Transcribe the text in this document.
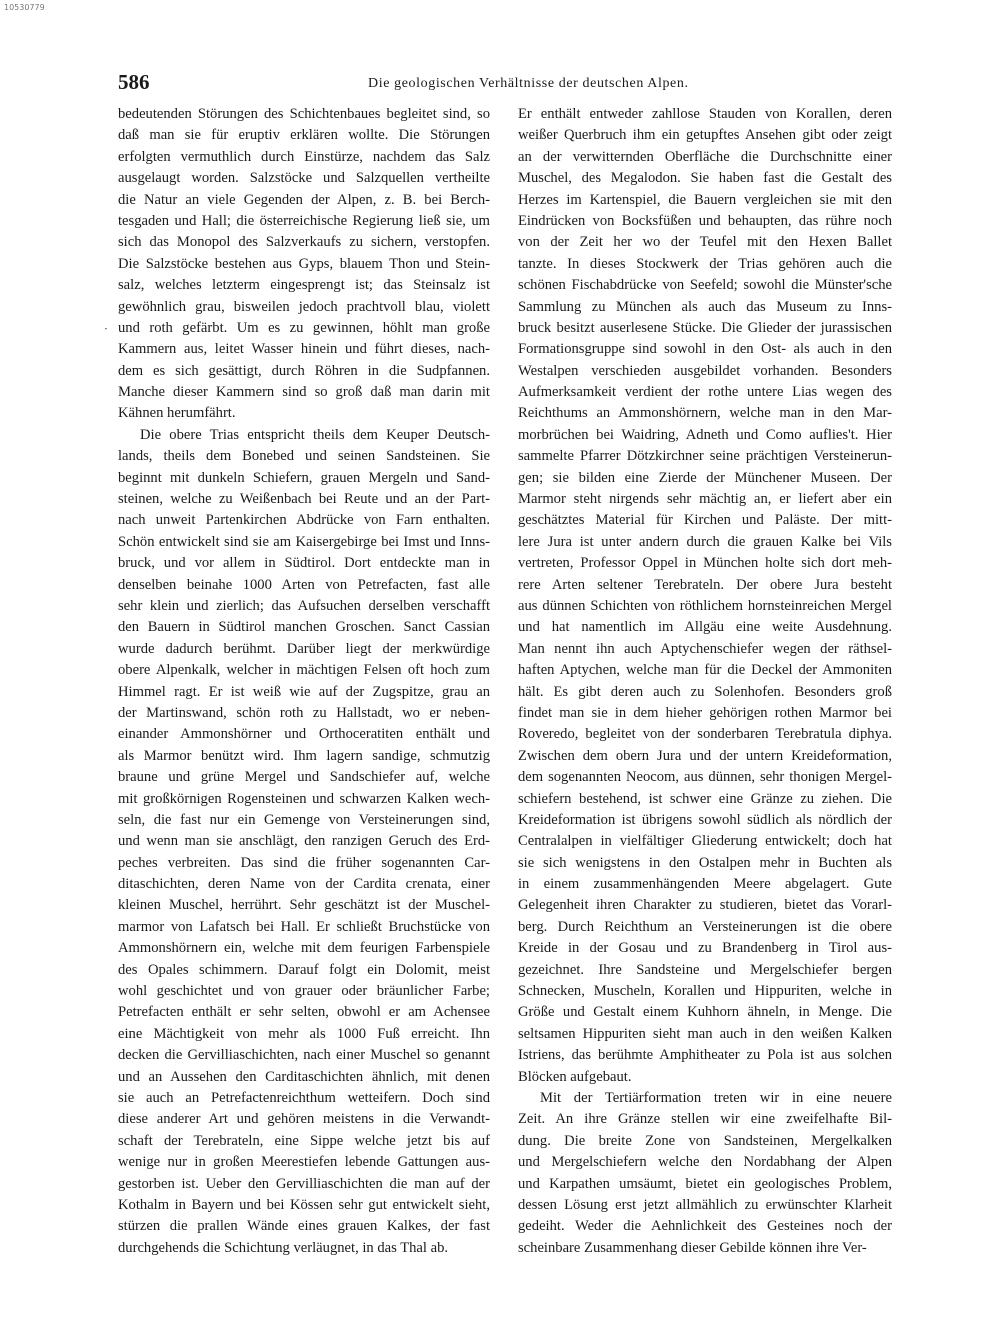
10530779
586	Die geologischen Verhältnisse der deutschen Alpen.
·
bedeutenden Störungen des Schichtenbaues begleitet sind, so
daß man sie für eruptiv erklären wollte. Die Störungen
erfolgten vermuthlich durch Einstürze, nachdem das Salz
ausgelaugt worden. Salzstöcke und Salzquellen vertheilte
die Natur an viele Gegenden der Alpen, z. B. bei Berch-
tesgaden und Hall; die österreichische Regierung ließ sie, um
sich das Monopol des Salzverkaufs zu sichern, verstopfen.
Die Salzstöcke bestehen aus Gyps, blauem Thon und Stein-
salz, welches letzterm eingesprengt ist; das Steinsalz ist
gewöhnlich grau, bisweilen jedoch prachtvoll blau, violett
und roth gefärbt. Um es zu gewinnen, höhlt man große
Kammern aus, leitet Wasser hinein und führt dieses, nach-
dem es sich gesättigt, durch Röhren in die Sudpfannen.
Manche dieser Kammern sind so groß daß man darin mit
Kähnen herumfährt.
Die obere Trias entspricht theils dem Keuper Deutsch-
lands, theils dem Bonebed und seinen Sandsteinen. Sie
beginnt mit dunkeln Schiefern, grauen Mergeln und Sand-
steinen, welche zu Weißenbach bei Reute und an der Part-
nach unweit Partenkirchen Abdrücke von Farn enthalten.
Schön entwickelt sind sie am Kaisergebirge bei Imst und Inns-
bruck, und vor allem in Südtirol. Dort entdeckte man in
denselben beinahe 1000 Arten von Petrefacten, fast alle
sehr klein und zierlich; das Aufsuchen derselben verschafft
den Bauern in Südtirol manchen Groschen. Sanct Cassian
wurde dadurch berühmt. Darüber liegt der merkwürdige
obere Alpenkalk, welcher in mächtigen Felsen oft hoch zum
Himmel ragt. Er ist weiß wie auf der Zugspitze, grau an
der Martinswand, schön roth zu Hallstadt, wo er neben-
einander Ammonshörner und Orthoceratiten enthält und
als Marmor benützt wird. Ihm lagern sandige, schmutzig
braune und grüne Mergel und Sandschiefer auf, welche
mit großkörnigen Rogensteinen und schwarzen Kalken wech-
seln, die fast nur ein Gemenge von Versteinerungen sind,
und wenn man sie anschlägt, den ranzigen Geruch des Erd-
peches verbreiten. Das sind die früher sogenannten Car-
ditaschichten, deren Name von der Cardita crenata, einer
kleinen Muschel, herrührt. Sehr geschätzt ist der Muschel-
marmor von Lafatsch bei Hall. Er schließt Bruchstücke von
Ammonshörnern ein, welche mit dem feurigen Farbenspiele
des Opales schimmern. Darauf folgt ein Dolomit, meist
wohl geschichtet und von grauer oder bräunlicher Farbe;
Petrefacten enthält er sehr selten, obwohl er am Achensee
eine Mächtigkeit von mehr als 1000 Fuß erreicht. Ihn
decken die Gervilliaschichten, nach einer Muschel so genannt
und an Aussehen den Carditaschichten ähnlich, mit denen
sie auch an Petrefactenreichthum wetteifern. Doch sind
diese anderer Art und gehören meistens in die Verwandt-
schaft der Terebrateln, eine Sippe welche jetzt bis auf
wenige nur in großen Meerestiefen lebende Gattungen aus-
gestorben ist. Ueber den Gervilliaschichten die man auf der
Kothalm in Bayern und bei Kössen sehr gut entwickelt sieht,
stürzen die prallen Wände eines grauen Kalkes, der fast
durchgehends die Schichtung verläugnet, in das Thal ab.
Er enthält entweder zahllose Stauden von Korallen, deren
weißer Querbruch ihm ein getupftes Ansehen gibt oder zeigt
an der verwitternden Oberfläche die Durchschnitte einer
Muschel, des Megalodon. Sie haben fast die Gestalt des
Herzes im Kartenspiel, die Bauern vergleichen sie mit den
Eindrücken von Bocksfüßen und behaupten, das rühre noch
von der Zeit her wo der Teufel mit den Hexen Ballet
tanzte. In dieses Stockwerk der Trias gehören auch die
schönen Fischabdrücke von Seefeld; sowohl die Münster'sche
Sammlung zu München als auch das Museum zu Inns-
bruck besitzt auserlesene Stücke. Die Glieder der jurassischen
Formationsgruppe sind sowohl in den Ost- als auch in den
Westalpen verschieden ausgebildet vorhanden. Besonders
Aufmerksamkeit verdient der rothe untere Lias wegen des
Reichthums an Ammonshörnern, welche man in den Mar-
morbrüchen bei Waidring, Adneth und Como auflies't. Hier
sammelte Pfarrer Dötzkirchner seine prächtigen Versteinerun-
gen; sie bilden eine Zierde der Münchener Museen. Der
Marmor steht nirgends sehr mächtig an, er liefert aber ein
geschätztes Material für Kirchen und Paläste. Der mitt-
lere Jura ist unter andern durch die grauen Kalke bei Vils
vertreten, Professor Oppel in München holte sich dort meh-
rere Arten seltener Terebrateln. Der obere Jura besteht
aus dünnen Schichten von röthlichem hornsteinreichen Mergel
und hat namentlich im Allgäu eine weite Ausdehnung.
Man nennt ihn auch Aptychenschiefer wegen der räthsel-
haften Aptychen, welche man für die Deckel der Ammoniten
hält. Es gibt deren auch zu Solenhofen. Besonders groß
findet man sie in dem hieher gehörigen rothen Marmor bei
Roveredo, begleitet von der sonderbaren Terebratula diphya.
Zwischen dem obern Jura und der untern Kreideformation,
dem sogenannten Neocom, aus dünnen, sehr thonigen Mergel-
schiefern bestehend, ist schwer eine Gränze zu ziehen. Die
Kreideformation ist übrigens sowohl südlich als nördlich der
Centralalpen in vielfältiger Gliederung entwickelt; doch hat
sie sich wenigstens in den Ostalpen mehr in Buchten als
in einem zusammenhängenden Meere abgelagert. Gute
Gelegenheit ihren Charakter zu studieren, bietet das Vorarl-
berg. Durch Reichthum an Versteinerungen ist die obere
Kreide in der Gosau und zu Brandenberg in Tirol aus-
gezeichnet. Ihre Sandsteine und Mergelschiefer bergen
Schnecken, Muscheln, Korallen und Hippuriten, welche in
Größe und Gestalt einem Kuhhorn ähneln, in Menge. Die
seltsamen Hippuriten sieht man auch in den weißen Kalken
Istriens, das berühmte Amphitheater zu Pola ist aus solchen
Blöcken aufgebaut.
Mit der Tertiärformation treten wir in eine neuere
Zeit. An ihre Gränze stellen wir eine zweifelhafte Bil-
dung. Die breite Zone von Sandsteinen, Mergelkalken
und Mergelschiefern welche den Nordabhang der Alpen
und Karpathen umsäumt, bietet ein geologisches Problem,
dessen Lösung erst jetzt allmählich zu erwünschter Klarheit
gedeiht. Weder die Aehnlichkeit des Gesteines noch der
scheinbare Zusammenhang dieser Gebilde können ihre Ver-
